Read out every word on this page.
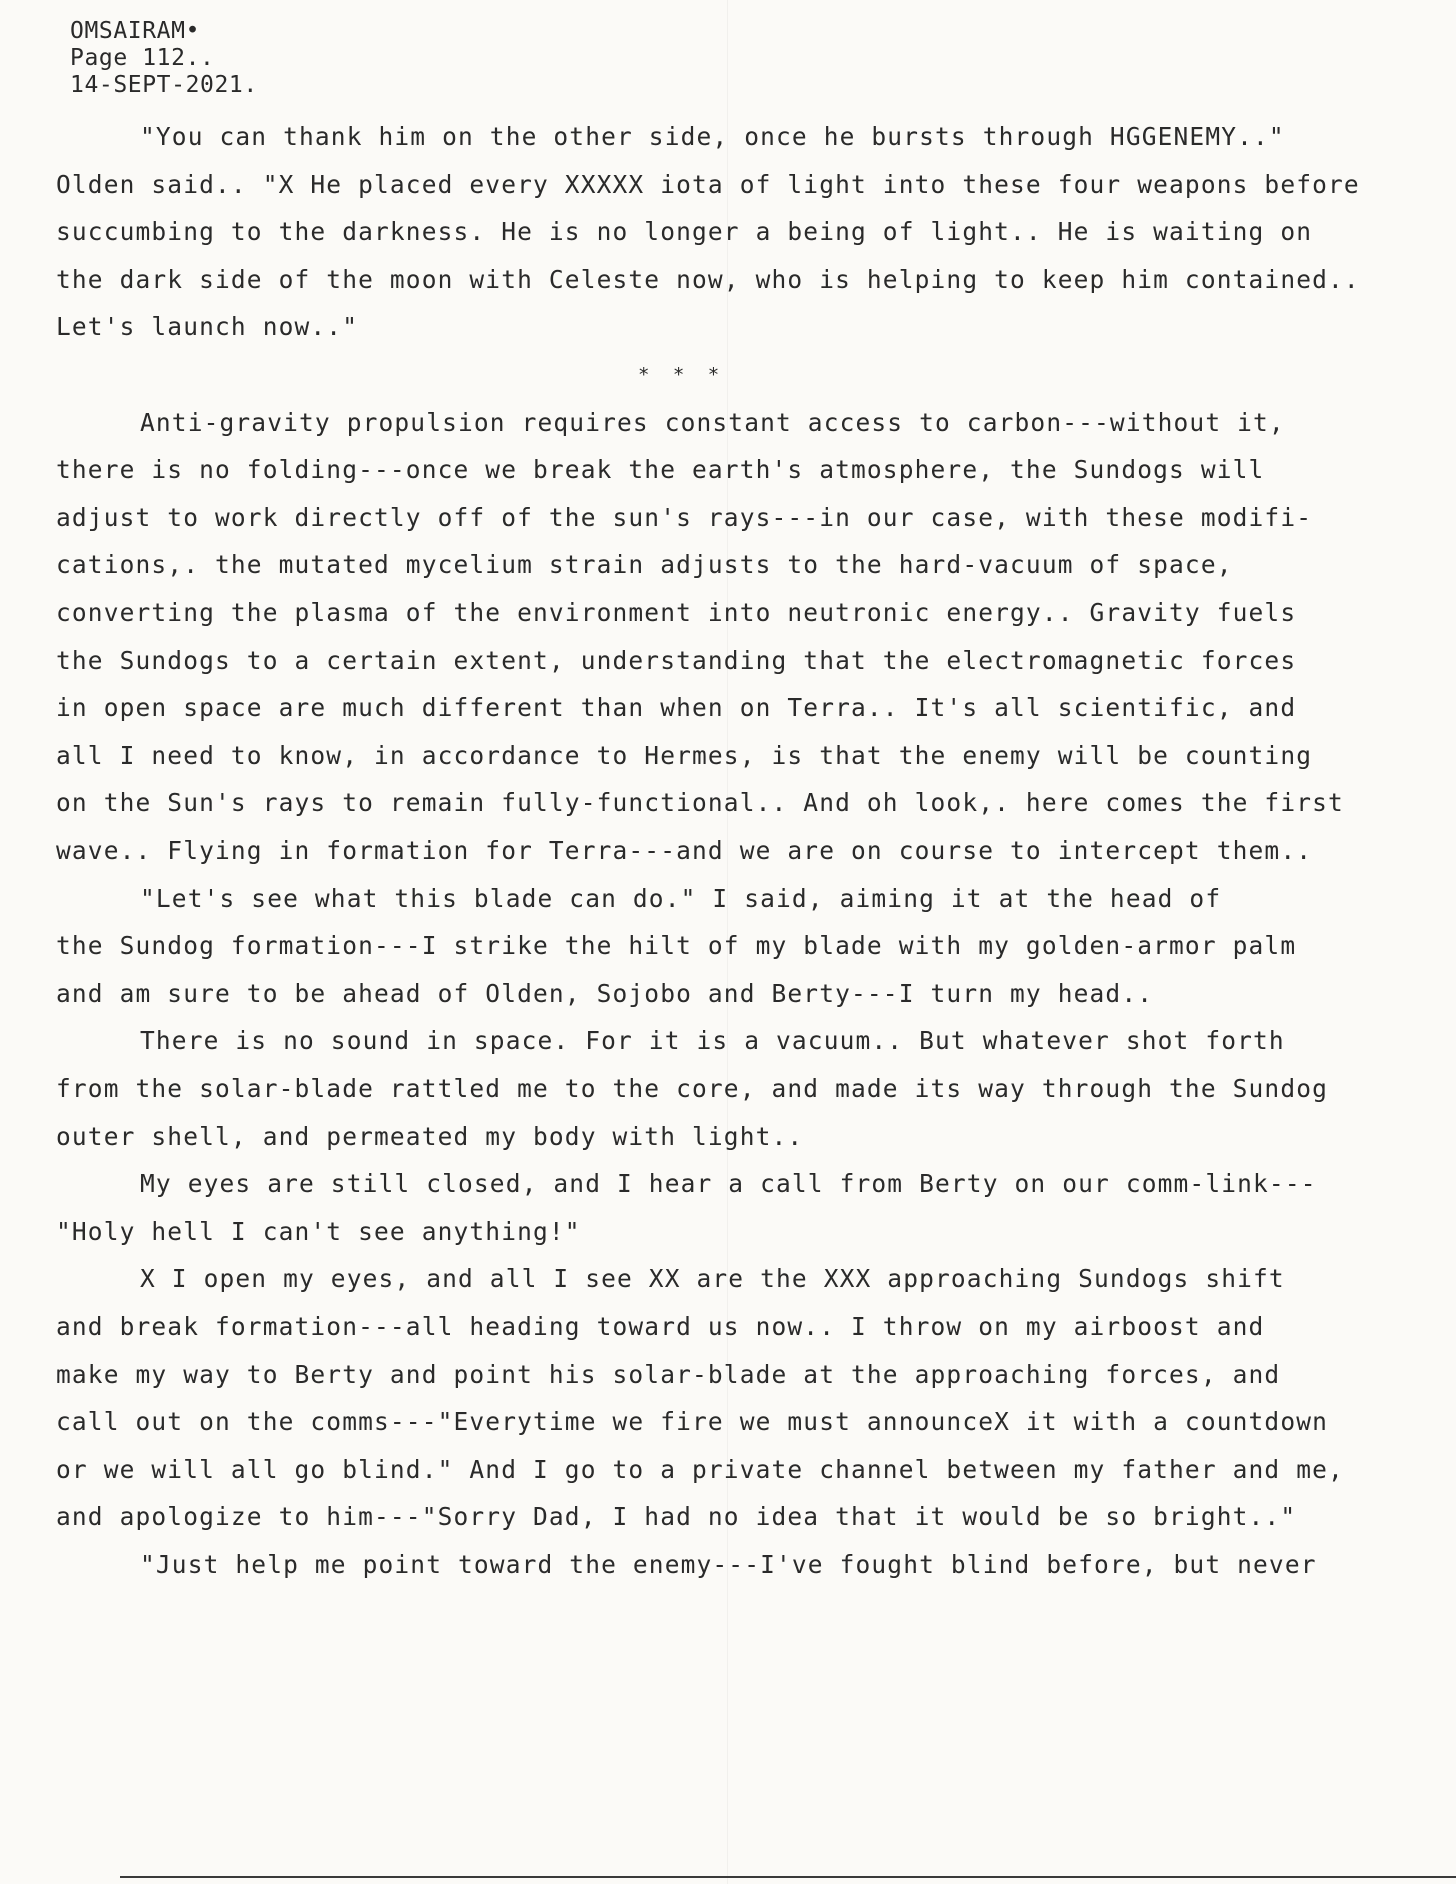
OMSAIRAM•
Page 112..
14-SEPT-2021.
"You can thank him on the other side, once he bursts through HGGENEMY.."
Olden said.. "X He placed every XXXXX iota of light into these four weapons before
succumbing to the darkness. He is no longer a being of light.. He is waiting on
the dark side of the moon with Celeste now, who is helping to keep him contained..
Let's launch now.."
* * *
Anti-gravity propulsion requires constant access to carbon---without it,
there is no folding---once we break the earth's atmosphere, the Sundogs will
adjust to work directly off of the sun's rays---in our case, with these modifi-
cations,. the mutated mycelium strain adjusts to the hard-vacuum of space,
converting the plasma of the environment into neutronic energy.. Gravity fuels
the Sundogs to a certain extent, understanding that the electromagnetic forces
in open space are much different than when on Terra.. It's all scientific, and
all I need to know, in accordance to Hermes, is that the enemy will be counting
on the Sun's rays to remain fully-functional.. And oh look,. here comes the first
wave.. Flying in formation for Terra---and we are on course to intercept them..
"Let's see what this blade can do." I said, aiming it at the head of
the Sundog formation---I strike the hilt of my blade with my golden-armor palm
and am sure to be ahead of Olden, Sojobo and Berty---I turn my head..
There is no sound in space. For it is a vacuum.. But whatever shot forth
from the solar-blade rattled me to the core, and made its way through the Sundog
outer shell, and permeated my body with light..
My eyes are still closed, and I hear a call from Berty on our comm-link---
"Holy hell I can't see anything!"
X I open my eyes, and all I see XX are the XXX approaching Sundogs shift
and break formation---all heading toward us now.. I throw on my airboost and
make my way to Berty and point his solar-blade at the approaching forces, and
call out on the comms---"Everytime we fire we must announceX it with a countdown
or we will all go blind." And I go to a private channel between my father and me,
and apologize to him---"Sorry Dad, I had no idea that it would be so bright.."
"Just help me point toward the enemy---I've fought blind before, but never
